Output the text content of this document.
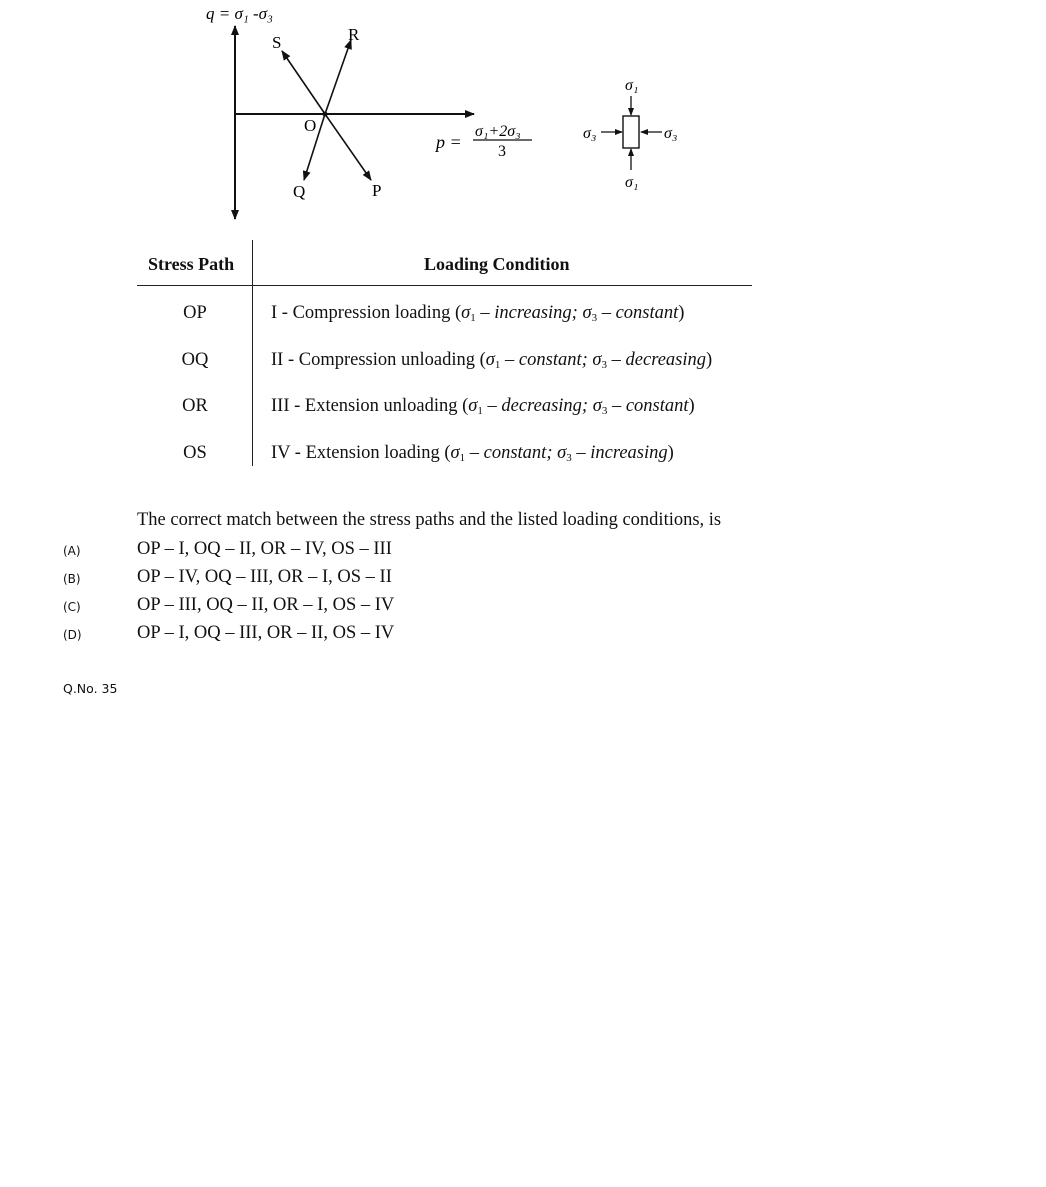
q = σ₁ -σ₃
S	R
O
Q	P
p =
σ₁+2σ₃
3
σ₁
σ₁
σ₃	σ₃
Stress Path	Loading Condition
OP	I - Compression loading ($\sigma_1$ – increasing; $\sigma_3$ – constant)
OQ	II - Compression unloading ($\sigma_1$ – constant; $\sigma_3$ – decreasing)
OR	III - Extension unloading ($\sigma_1$ – decreasing; $\sigma_3$ – constant)
OS	IV - Extension loading ($\sigma_1$ – constant; $\sigma_3$ – increasing)
The correct match between the stress paths and the listed loading conditions, is
(A)	OP – I, OQ – II, OR – IV, OS – III
(B)	OP – IV, OQ – III, OR – I, OS – II
(C)	OP – III, OQ – II, OR – I, OS – IV
(D)	OP – I, OQ – III, OR – II, OS – IV
Q.No. 35
